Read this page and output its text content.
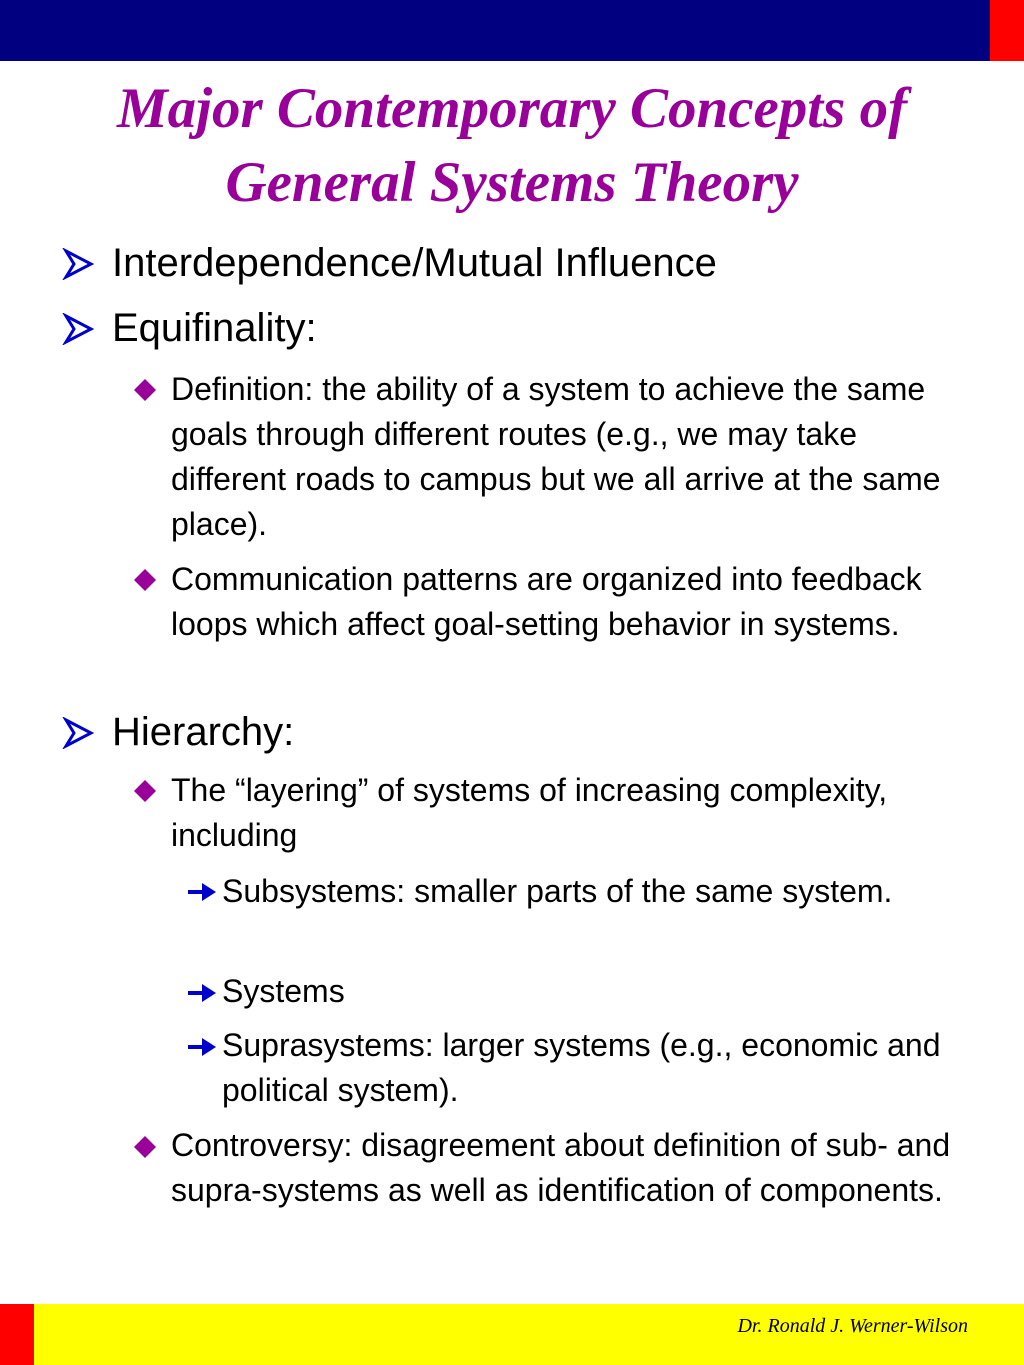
Major Contemporary Concepts of
General Systems Theory
Interdependence/Mutual Influence
Equifinality:
Definition: the ability of a system to achieve the same goals through different routes (e.g., we may take different roads to campus but we all arrive at the same place).
Communication patterns are organized into feedback loops which affect goal-setting behavior in systems.
Hierarchy:
The “layering” of systems of increasing complexity, including
Subsystems: smaller parts of the same system.
Systems
Suprasystems: larger systems (e.g., economic and political system).
Controversy: disagreement about definition of sub- and supra-systems as well as identification of components.
Dr. Ronald J. Werner-Wilson
